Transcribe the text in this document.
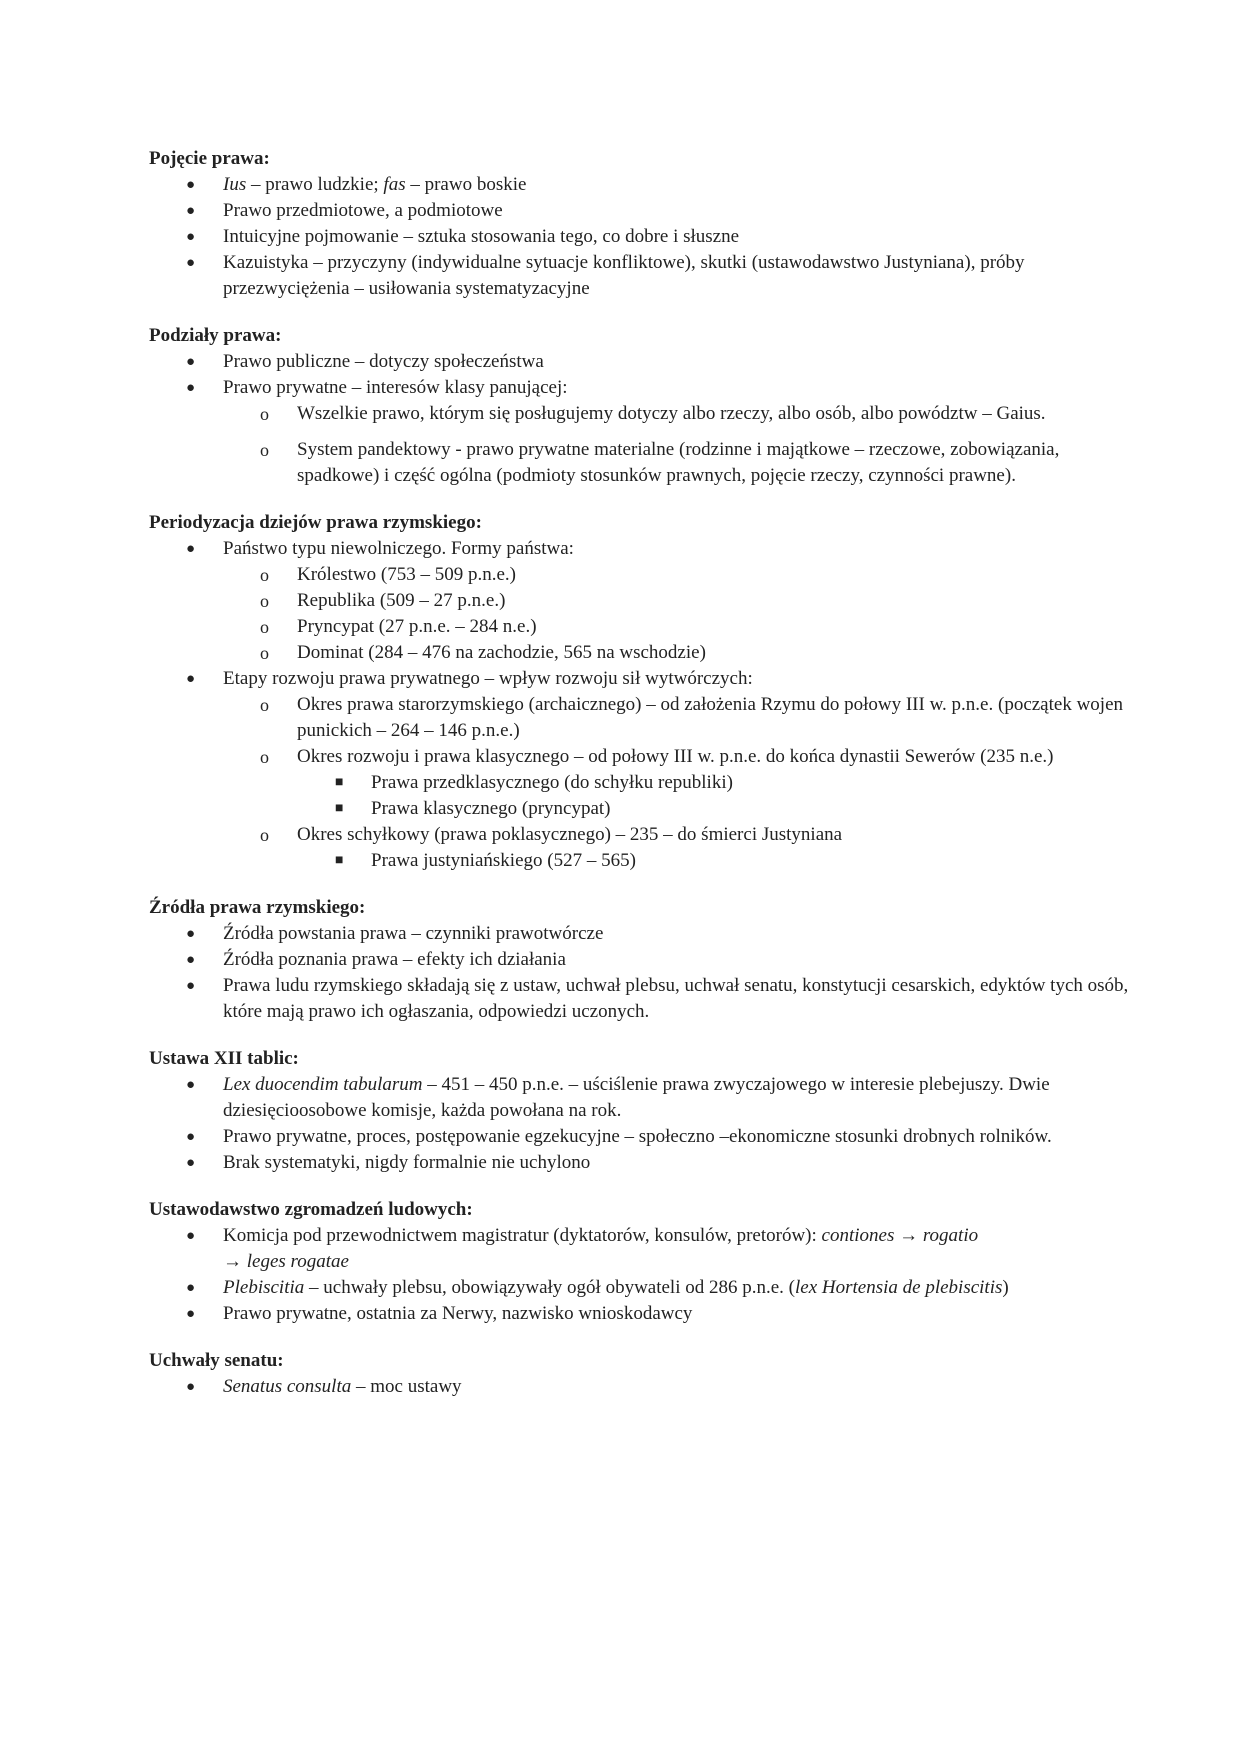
Pojęcie prawa:
● Ius – prawo ludzkie; fas – prawo boskie
● Prawo przedmiotowe, a podmiotowe
● Intuicyjne pojmowanie – sztuka stosowania tego, co dobre i słuszne
● Kazuistyka – przyczyny (indywidualne sytuacje konfliktowe), skutki (ustawodawstwo Justyniana), próby przezwyciężenia – usiłowania systematyzacyjne
Podziały prawa:
● Prawo publiczne – dotyczy społeczeństwa
● Prawo prywatne – interesów klasy panującej:
o Wszelkie prawo, którym się posługujemy dotyczy albo rzeczy, albo osób, albo powództw – Gaius.
o System pandektowy - prawo prywatne materialne (rodzinne i majątkowe – rzeczowe, zobowiązania, spadkowe) i część ogólna (podmioty stosunków prawnych, pojęcie rzeczy, czynności prawne).
Periodyzacja dziejów prawa rzymskiego:
● Państwo typu niewolniczego. Formy państwa:
o Królestwo (753 – 509 p.n.e.)
o Republika (509 – 27 p.n.e.)
o Pryncypat (27 p.n.e. – 284 n.e.)
o Dominat (284 – 476 na zachodzie, 565 na wschodzie)
● Etapy rozwoju prawa prywatnego – wpływ rozwoju sił wytwórczych:
o Okres prawa starorzymskiego (archaicznego) – od założenia Rzymu do połowy III w. p.n.e. (początek wojen punickich – 264 – 146 p.n.e.)
o Okres rozwoju i prawa klasycznego – od połowy III w. p.n.e. do końca dynastii Sewerów (235 n.e.)
■ Prawa przedklasycznego (do schyłku republiki)
■ Prawa klasycznego (pryncypat)
o Okres schyłkowy (prawa poklasycznego) – 235 – do śmierci Justyniana
■ Prawa justyniańskiego (527 – 565)
Źródła prawa rzymskiego:
● Źródła powstania prawa – czynniki prawotwórcze
● Źródła poznania prawa – efekty ich działania
● Prawa ludu rzymskiego składają się z ustaw, uchwał plebsu, uchwał senatu, konstytucji cesarskich, edyktów tych osób, które mają prawo ich ogłaszania, odpowiedzi uczonych.
Ustawa XII tablic:
● Lex duocendim tabularum – 451 – 450 p.n.e. – uściślenie prawa zwyczajowego w interesie plebejuszy. Dwie dziesięcioosobowe komisje, każda powołana na rok.
● Prawo prywatne, proces, postępowanie egzekucyjne – społeczno –ekonomiczne stosunki drobnych rolników.
● Brak systematyki, nigdy formalnie nie uchylono
Ustawodawstwo zgromadzeń ludowych:
● Komicja pod przewodnictwem magistratur (dyktatorów, konsulów, pretorów): contiones → rogatio
→ leges rogatae
● Plebiscitia – uchwały plebsu, obowiązywały ogół obywateli od 286 p.n.e. (lex Hortensia de plebiscitis)
● Prawo prywatne, ostatnia za Nerwy, nazwisko wnioskodawcy
Uchwały senatu:
● Senatus consulta – moc ustawy
